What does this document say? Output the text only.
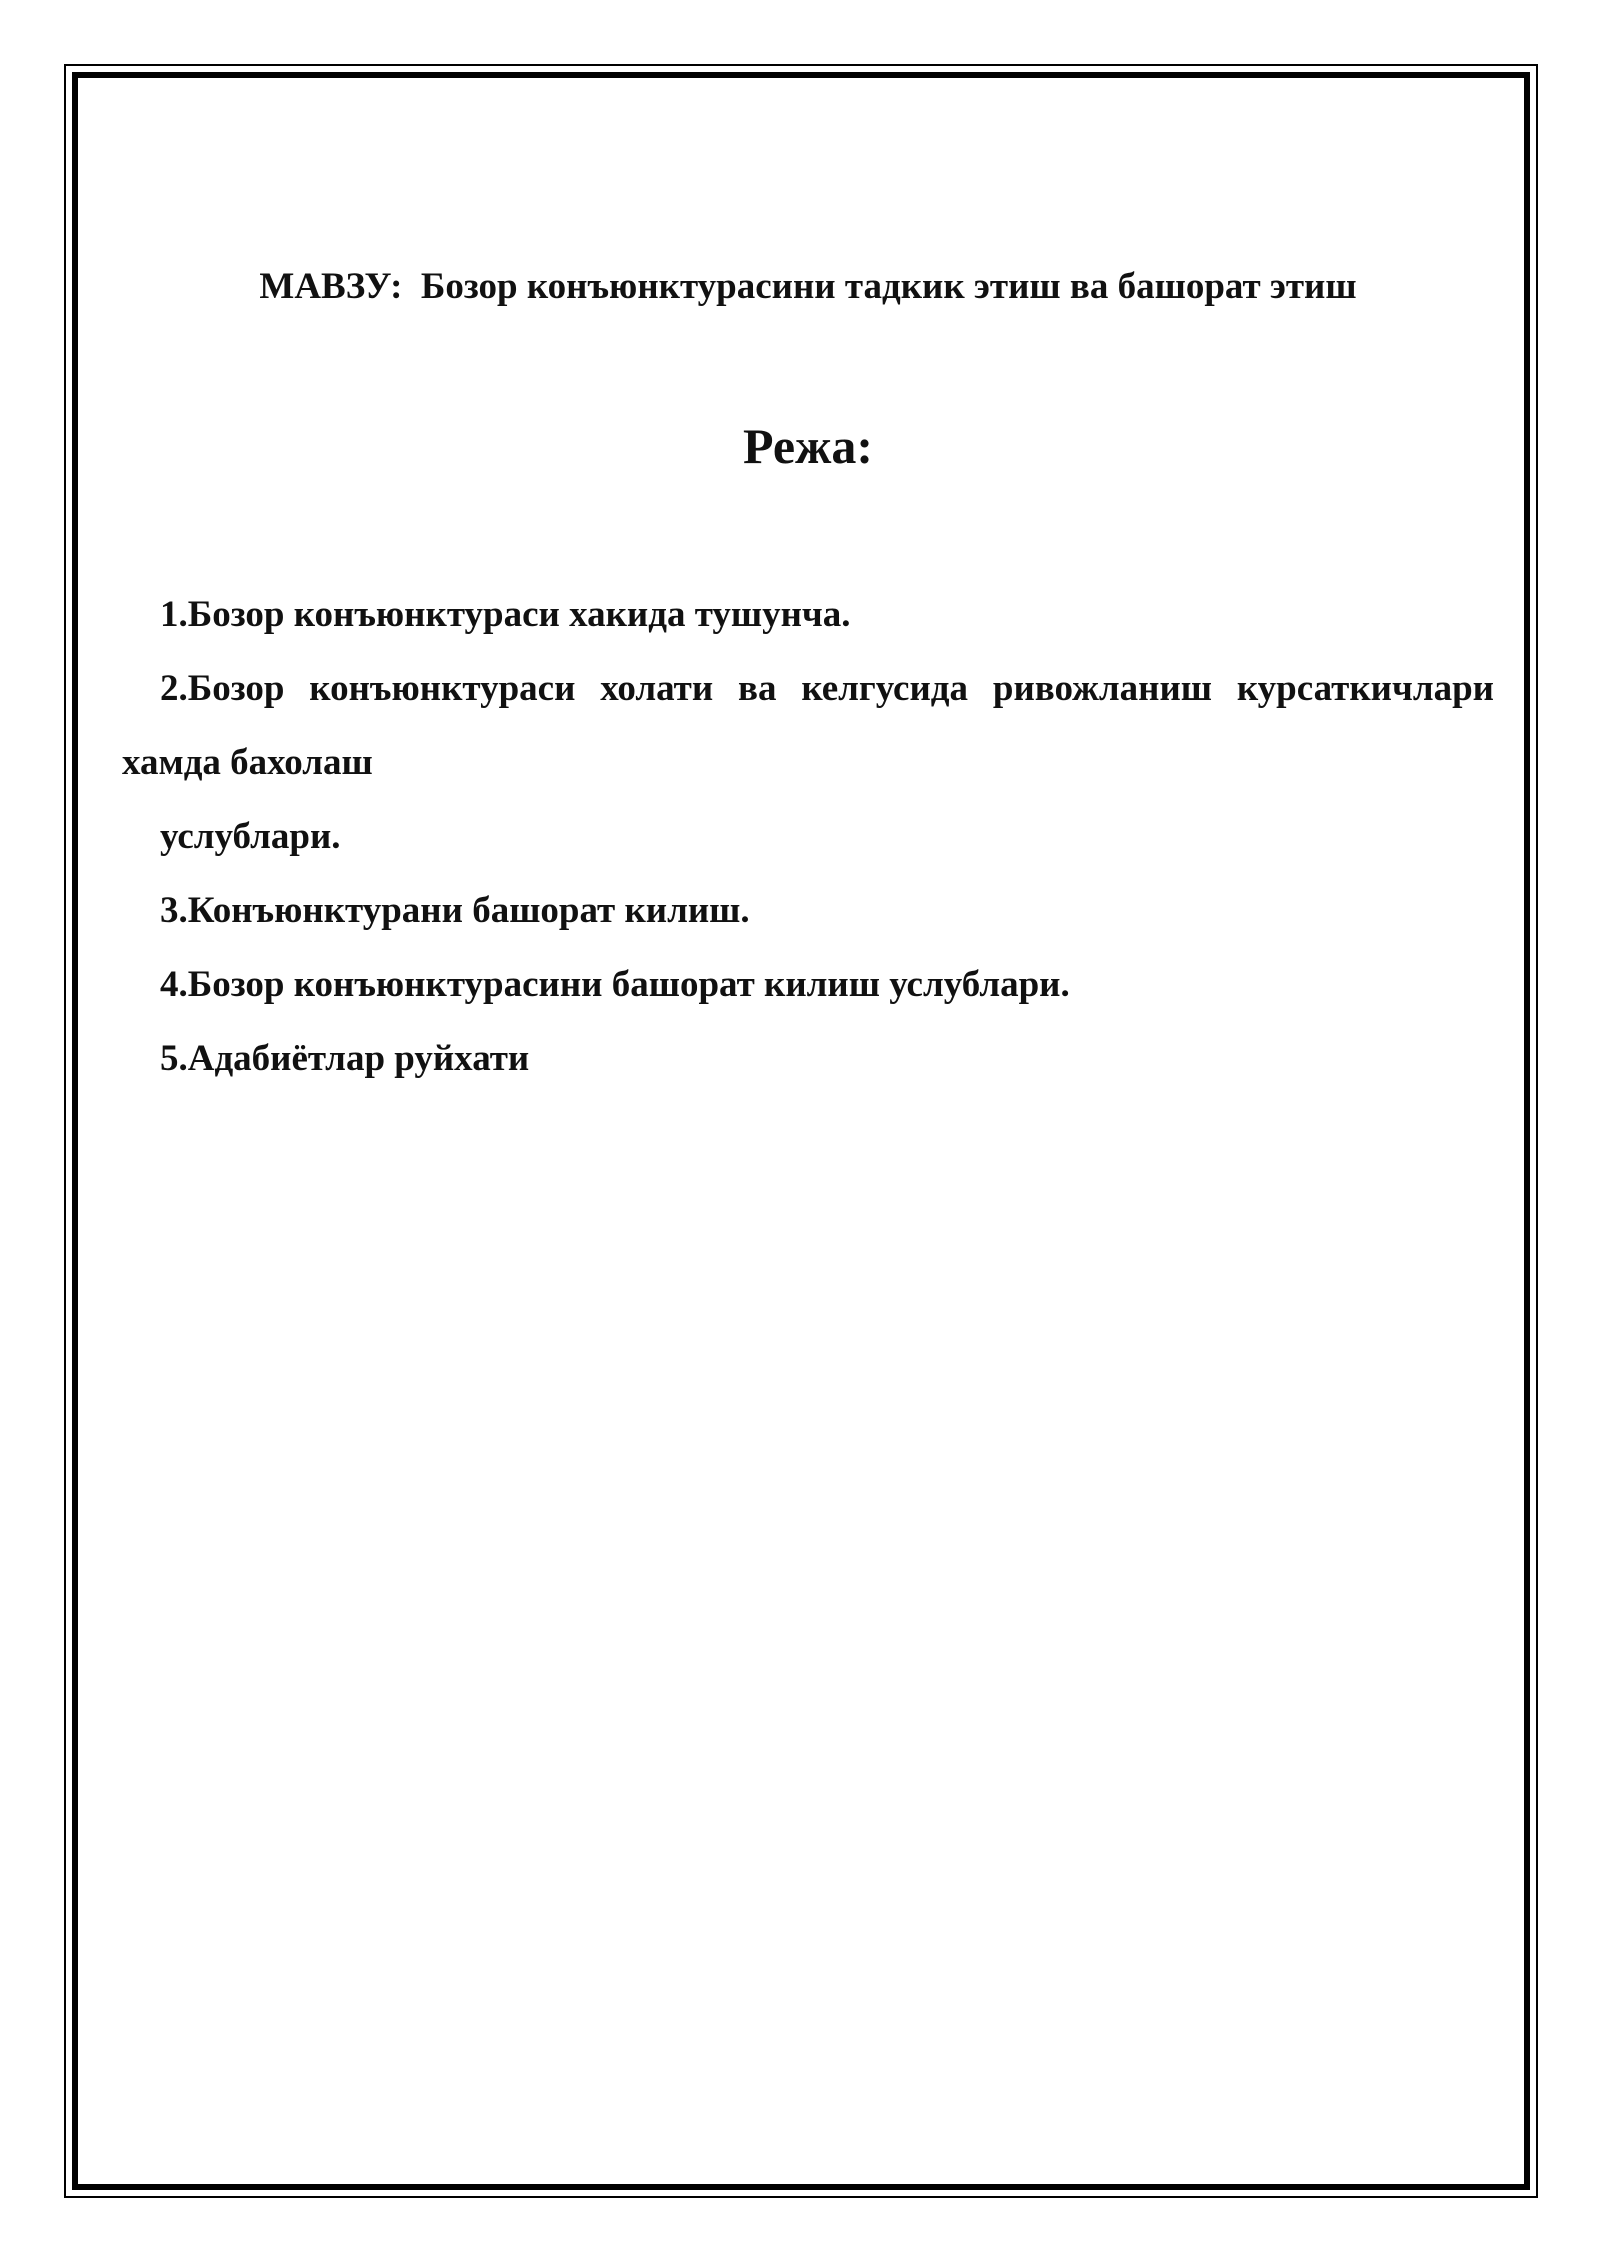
МАВЗУ:  Бозор конъюнктурасини тадкик этиш ва башорат этиш
Режа:
1.Бозор конъюнктураси хакида тушунча.
2.Бозор конъюнктураси холати ва келгусида ривожланиш курсаткичлари хамда бахолаш
услублари.
3.Конъюнктурани башорат килиш.
4.Бозор конъюнктурасини башорат килиш услублари.
5.Адабиётлар руйхати
